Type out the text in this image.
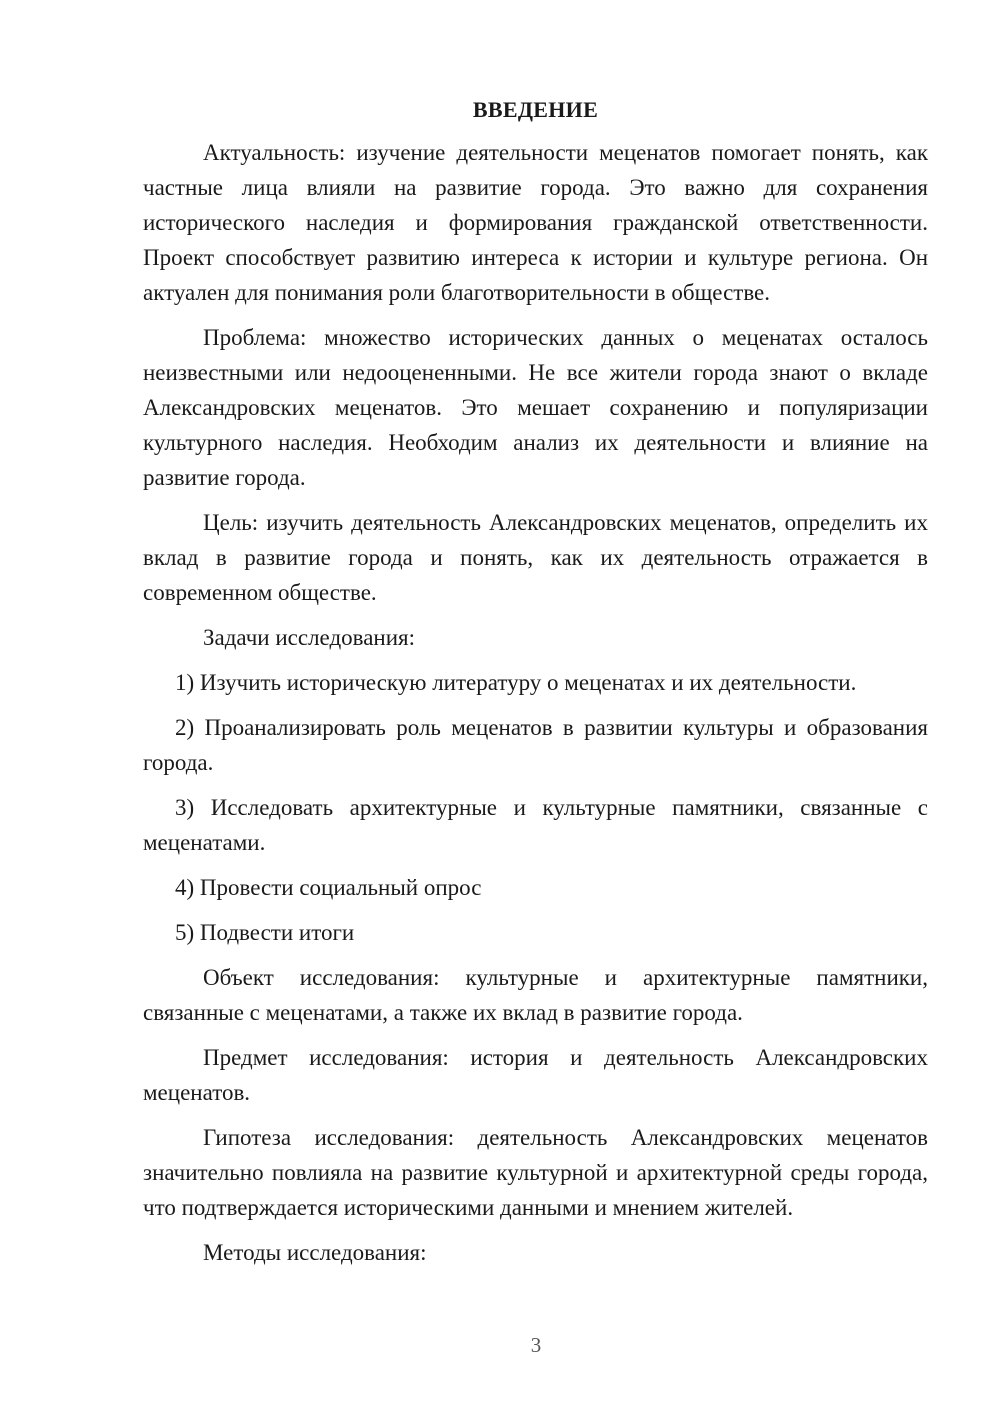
ВВЕДЕНИЕ

Актуальность: изучение деятельности меценатов помогает понять, как частные лица влияли на развитие города. Это важно для сохранения исторического наследия и формирования гражданской ответственности. Проект способствует развитию интереса к истории и культуре региона. Он актуален для понимания роли благотворительности в обществе.

Проблема: множество исторических данных о меценатах осталось неизвестными или недооцененными. Не все жители города знают о вкладе Александровских меценатов. Это мешает сохранению и популяризации культурного наследия. Необходим анализ их деятельности и влияние на развитие города.

Цель: изучить деятельность Александровских меценатов, определить их вклад в развитие города и понять, как их деятельность отражается в современном обществе.

Задачи исследования:

1) Изучить историческую литературу о меценатах и их деятельности.

2) Проанализировать роль меценатов в развитии культуры и образования города.

3) Исследовать архитектурные и культурные памятники, связанные с меценатами.

4) Провести социальный опрос

5) Подвести итоги

Объект исследования: культурные и архитектурные памятники, связанные с меценатами, а также их вклад в развитие города.

Предмет исследования: история и деятельность Александровских меценатов.

Гипотеза исследования: деятельность Александровских меценатов значительно повлияла на развитие культурной и архитектурной среды города, что подтверждается историческими данными и мнением жителей.

Методы исследования:

3
